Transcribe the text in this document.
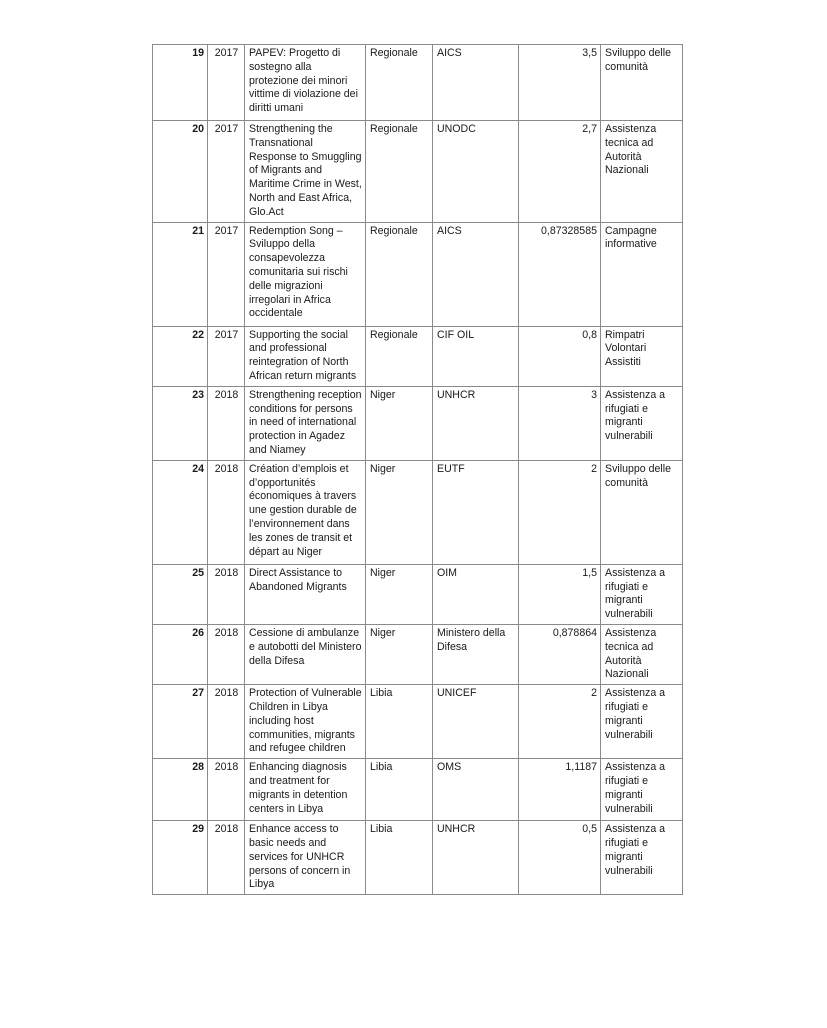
19	2017	PAPEV: Progetto di sostegno alla protezione dei minori vittime di violazione dei diritti umani	Regionale	AICS	3,5	Sviluppo delle comunità
20	2017	Strengthening the Transnational Response to Smuggling of Migrants and Maritime Crime in West, North and East Africa, Glo.Act	Regionale	UNODC	2,7	Assistenza tecnica ad Autorità Nazionali
21	2017	Redemption Song – Sviluppo della consapevolezza comunitaria sui rischi delle migrazioni irregolari in Africa occidentale	Regionale	AICS	0,87328585	Campagne informative
22	2017	Supporting the social and professional reintegration of North African return migrants	Regionale	CIF OIL	0,8	Rimpatri Volontari Assistiti
23	2018	Strengthening reception conditions for persons in need of international protection in Agadez and Niamey	Niger	UNHCR	3	Assistenza a rifugiati e migranti vulnerabili
24	2018	Création d’emplois et d’opportunités économiques à travers une gestion durable de l’environnement dans les zones de transit et départ au Niger	Niger	EUTF	2	Sviluppo delle comunità
25	2018	Direct Assistance to Abandoned Migrants	Niger	OIM	1,5	Assistenza a rifugiati e migranti vulnerabili
26	2018	Cessione di ambulanze e autobotti del Ministero della Difesa	Niger	Ministero della Difesa	0,878864	Assistenza tecnica ad Autorità Nazionali
27	2018	Protection of Vulnerable Children in Libya including host communities, migrants and refugee children	Libia	UNICEF	2	Assistenza a rifugiati e migranti vulnerabili
28	2018	Enhancing diagnosis and treatment for migrants in detention centers in Libya	Libia	OMS	1,1187	Assistenza a rifugiati e migranti vulnerabili
29	2018	Enhance access to basic needs and services for UNHCR persons of concern in Libya	Libia	UNHCR	0,5	Assistenza a rifugiati e migranti vulnerabili
